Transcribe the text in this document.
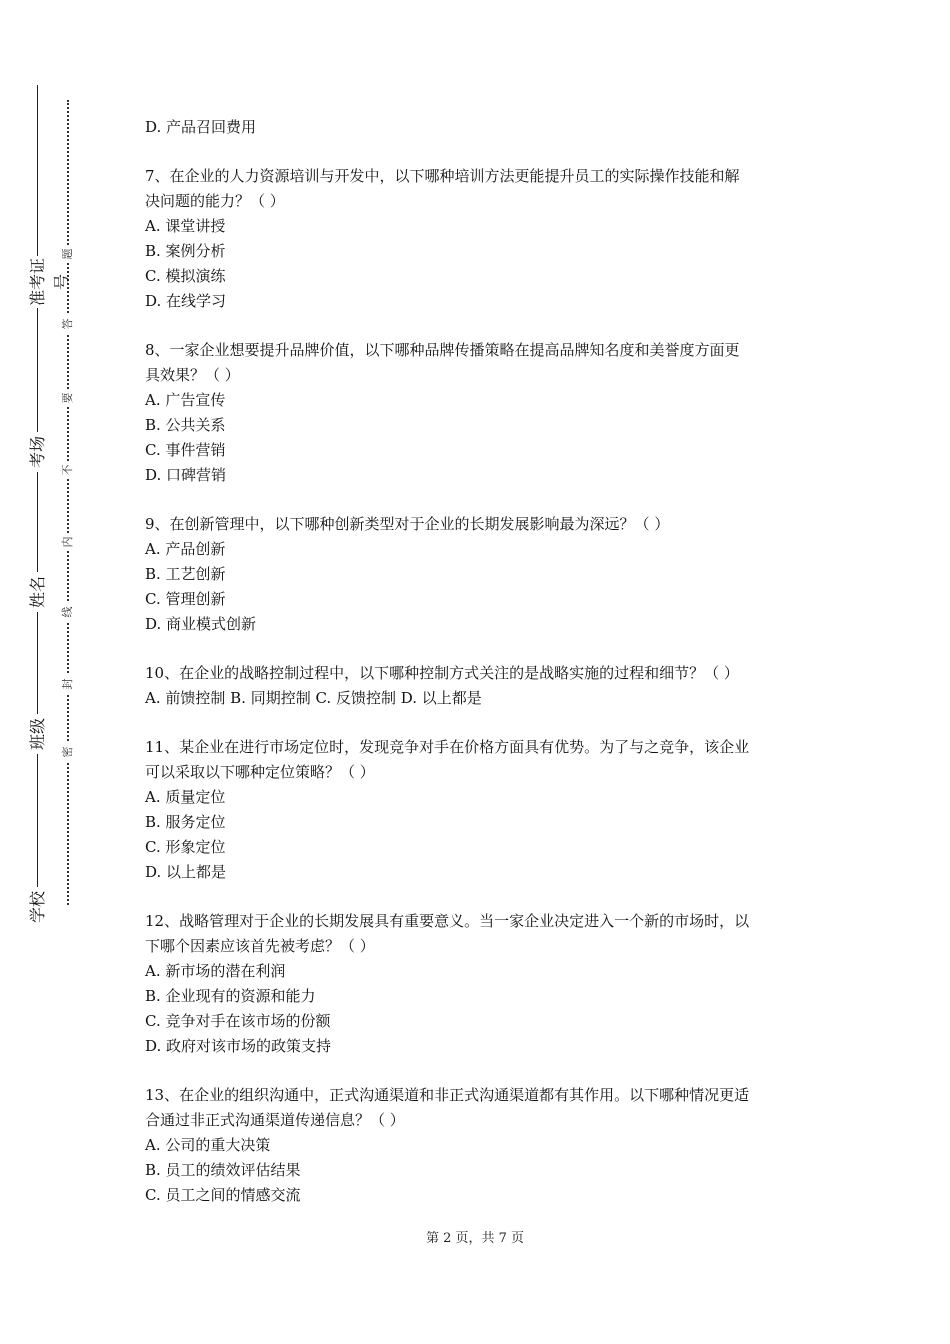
准考证号
考场
姓名
班级
学校
题
答
要
不
内
线
封
密
D. 产品召回费用
7、在企业的人力资源培训与开发中，以下哪种培训方法更能提升员工的实际操作技能和解
决问题的能力？（ ）
A. 课堂讲授
B. 案例分析
C. 模拟演练
D. 在线学习
8、一家企业想要提升品牌价值，以下哪种品牌传播策略在提高品牌知名度和美誉度方面更
具效果？（ ）
A. 广告宣传
B. 公共关系
C. 事件营销
D. 口碑营销
9、在创新管理中，以下哪种创新类型对于企业的长期发展影响最为深远？（ ）
A. 产品创新
B. 工艺创新
C. 管理创新
D. 商业模式创新
10、在企业的战略控制过程中，以下哪种控制方式关注的是战略实施的过程和细节？（ ）
A. 前馈控制 B. 同期控制 C. 反馈控制 D. 以上都是
11、某企业在进行市场定位时，发现竞争对手在价格方面具有优势。为了与之竞争，该企业
可以采取以下哪种定位策略？（ ）
A. 质量定位
B. 服务定位
C. 形象定位
D. 以上都是
12、战略管理对于企业的长期发展具有重要意义。当一家企业决定进入一个新的市场时，以
下哪个因素应该首先被考虑？（ ）
A. 新市场的潜在利润
B. 企业现有的资源和能力
C. 竞争对手在该市场的份额
D. 政府对该市场的政策支持
13、在企业的组织沟通中，正式沟通渠道和非正式沟通渠道都有其作用。以下哪种情况更适
合通过非正式沟通渠道传递信息？（ ）
A. 公司的重大决策
B. 员工的绩效评估结果
C. 员工之间的情感交流
第 2 页，共 7 页
